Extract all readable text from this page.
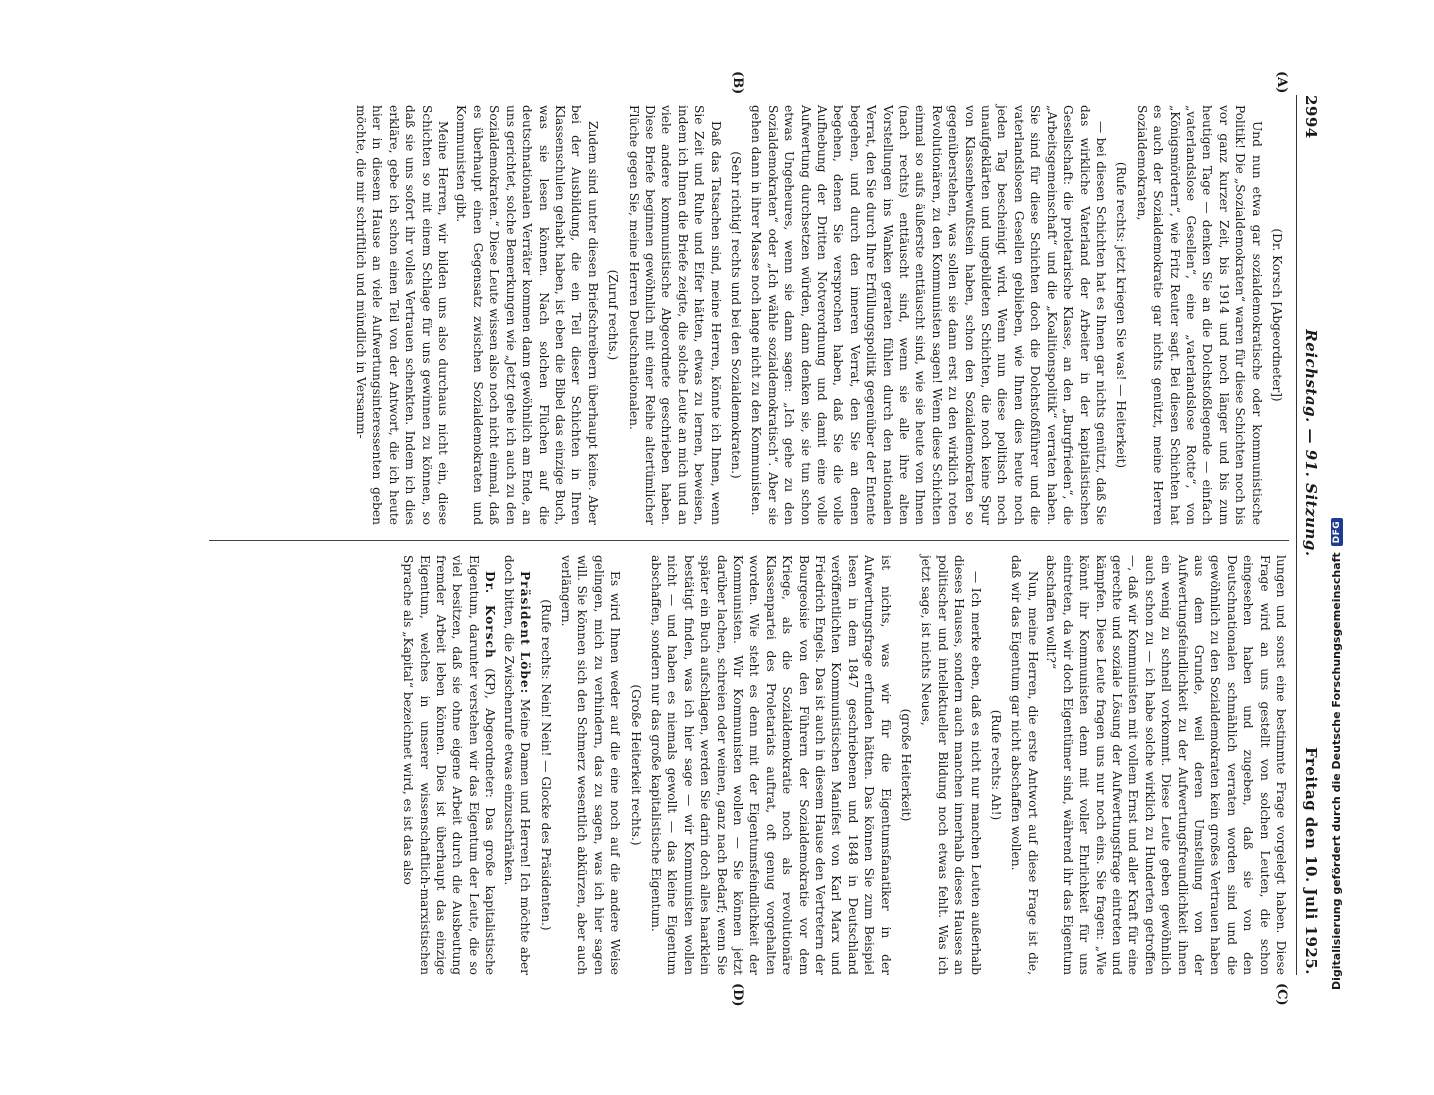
2994
Reichstag. — 91. Sitzung.
Freitag den 10. Juli 1925.
(A)
(B)
(C)
(D)

(Dr. Korsch [Abgeordneter])

Und nun etwa gar sozialdemokratische oder kommunistische Politik! Die „Sozialdemokraten“ waren für diese Schichten noch bis vor ganz kurzer Zeit, bis 1914 und noch länger und bis zum heutigen Tage — denken Sie an die Dolchstoßlegende — einfach „vaterlandslose Gesellen“, eine „vaterlandslose Rotte“, von „Königsmördern“, wie Fritz Reuter sagt. Bei diesen Schichten hat es auch der Sozialdemokratie gar nichts genützt, meine Herren Sozialdemokraten,

(Rufe rechts: jetzt kriegen Sie was! — Heiterkeit)

— bei diesen Schichten hat es Ihnen gar nichts genützt, daß Sie das wirkliche Vaterland der Arbeiter in der kapitalistischen Gesellschaft: die proletarische Klasse, an den „Burgfrieden“, die „Arbeitsgemeinschaft“ und die „Koalitionspolitik“ verraten haben. Sie sind für diese Schichten doch die Dolchstoßführer und die vaterlandslosen Gesellen geblieben, wie Ihnen dies heute noch jeden Tag bescheinigt wird. Wenn nun diese politisch noch unaufgeklärten und ungebildeten Schichten, die noch keine Spur von Klassenbewußtsein haben, schon den Sozialdemokraten so gegenüberstehen, was sollen sie dann erst zu den wirklich roten Revolutionären, zu den Kommunisten sagen! Wenn diese Schichten einmal so aufs äußerste enttäuscht sind, wie sie heute von Ihnen (nach rechts) enttäuscht sind, wenn sie alle ihre alten Vorstellungen ins Wanken geraten fühlen durch den nationalen Verrat, den Sie durch Ihre Erfüllungspolitik gegenüber der Entente begehen, und durch den inneren Verrat, den Sie an denen begehen, denen Sie versprochen haben, daß Sie die volle Aufhebung der Dritten Notverordnung und damit eine volle Aufwertung durchsetzen würden, dann denken sie, sie tun schon etwas Ungeheures, wenn sie dann sagen: „Ich gehe zu den Sozialdemokraten“ oder „Ich wähle sozialdemokratisch“. Aber sie gehen dann in ihrer Masse noch lange nicht zu den Kommunisten.

(Sehr richtig! rechts und bei den Sozialdemokraten.)

Daß das Tatsachen sind, meine Herren, könnte ich Ihnen, wenn Sie Zeit und Ruhe und Eifer hätten, etwas zu lernen, beweisen, indem ich Ihnen die Briefe zeigte, die solche Leute an mich und an viele andere kommunistische Abgeordnete geschrieben haben. Diese Briefe beginnen gewöhnlich mit einer Reihe altertümlicher Flüche gegen Sie, meine Herren Deutschnationalen.

(Zuruf rechts.)

Zudem sind unter diesen Briefschreibern überhaupt keine. Aber bei der Ausbildung, die ein Teil dieser Schichten in Ihren Klassenschulen gehabt haben, ist eben die Bibel das einzige Buch, was sie lesen können. Nach solchen Flüchen auf die deutschnationalen Verräter kommen dann gewöhnlich am Ende, an uns gerichtet, solche Bemerkungen wie „Jetzt gehe ich auch zu den Sozialdemokraten.“ Diese Leute wissen also noch nicht einmal, daß es überhaupt einen Gegensatz zwischen Sozialdemokraten und Kommunisten gibt.

Meine Herren, wir bilden uns also durchaus nicht ein, diese Schichten so mit einem Schlage für uns gewinnen zu können, so daß sie uns sofort ihr volles Vertrauen schenkten. Indem ich dies erkläre, gebe ich schon einen Teil von der Antwort, die ich heute hier in diesem Hause an viele Aufwertungsinteressenten geben möchte, die mir schriftlich und mündlich in Versamm-

lungen und sonst eine bestimmte Frage vorgelegt haben. Diese Frage wird an uns gestellt von solchen Leuten, die schon eingesehen haben und zugeben, daß sie von den Deutschnationalen schmählich verraten worden sind und die gewöhnlich zu den Sozialdemokraten kein großes Vertrauen haben aus dem Grunde, weil deren Umstellung von der Aufwertungsfeindlichkeit zu der Aufwertungsfreundlichkeit ihnen ein wenig zu schnell vorkommt. Diese Leute geben gewöhnlich auch schon zu — ich habe solche wirklich zu Hunderten getroffen —, daß wir Kommunisten mit vollem Ernst und aller Kraft für eine gerechte und soziale Lösung der Aufwertungsfrage eintreten und kämpfen. Diese Leute fragen uns nur noch eins. Sie fragen: „Wie könnt ihr Kommunisten denn mit voller Ehrlichkeit für uns eintreten, da wir doch Eigentümer sind, während ihr das Eigentum abschaffen wollt?“

Nun, meine Herren, die erste Antwort auf diese Frage ist die, daß wir das Eigentum gar nicht abschaffen wollen.

(Rufe rechts: Ah!)

— Ich merke eben, daß es nicht nur manchen Leuten außerhalb dieses Hauses, sondern auch manchen innerhalb dieses Hauses an politischer und intellektueller Bildung noch etwas fehlt. Was ich jetzt sage, ist nichts Neues,

(große Heiterkeit)

ist nichts, was wir für die Eigentumsfanatiker in der Aufwertungsfrage erfunden hätten. Das können Sie zum Beispiel lesen in dem 1847 geschriebenen und 1848 in Deutschland veröffentlichten Kommunistischen Manifest von Karl Marx und Friedrich Engels. Das ist auch in diesem Hause den Vertretern der Bourgeoisie von den Führern der Sozialdemokratie vor dem Kriege, als die Sozialdemokratie noch als revolutionäre Klassenpartei des Proletariats auftrat, oft genug vorgehalten worden. Wie steht es denn mit der Eigentumsfeindlichkeit der Kommunisten. Wir Kommunisten wollen — Sie können jetzt darüber lachen, schreien oder weinen, ganz nach Bedarf; wenn Sie später ein Buch aufschlagen, werden Sie darin doch alles haarklein bestätigt finden, was ich hier sage — wir Kommunisten wollen nicht — und haben es niemals gewollt — das kleine Eigentum abschaffen, sondern nur das große kapitalistische Eigentum.

(Große Heiterkeit rechts.)

Es wird Ihnen weder auf die eine noch auf die andere Weise gelingen, mich zu verhindern, das zu sagen, was ich hier sagen will. Sie können sich den Schmerz wesentlich abkürzen, aber auch verlängern.

(Rufe rechts: Nein! Nein! — Glocke des Präsidenten.)

Präsident Löbe: Meine Damen und Herren! Ich möchte aber doch bitten, die Zwischenrufe etwas einzuschränken.

Dr. Korsch (KP), Abgeordneter: Das große kapitalistische Eigentum, darunter verstehen wir das Eigentum der Leute, die so viel besitzen, daß sie ohne eigene Arbeit durch die Ausbeutung fremder Arbeit leben können. Dies ist überhaupt das einzige Eigentum, welches in unserer wissenschaftlich-marxistischen Sprache als „Kapital“ bezeichnet wird, es ist das also	Digitalisierung gefördert durch die Deutsche Forschungsgemeinschaft
DFG
